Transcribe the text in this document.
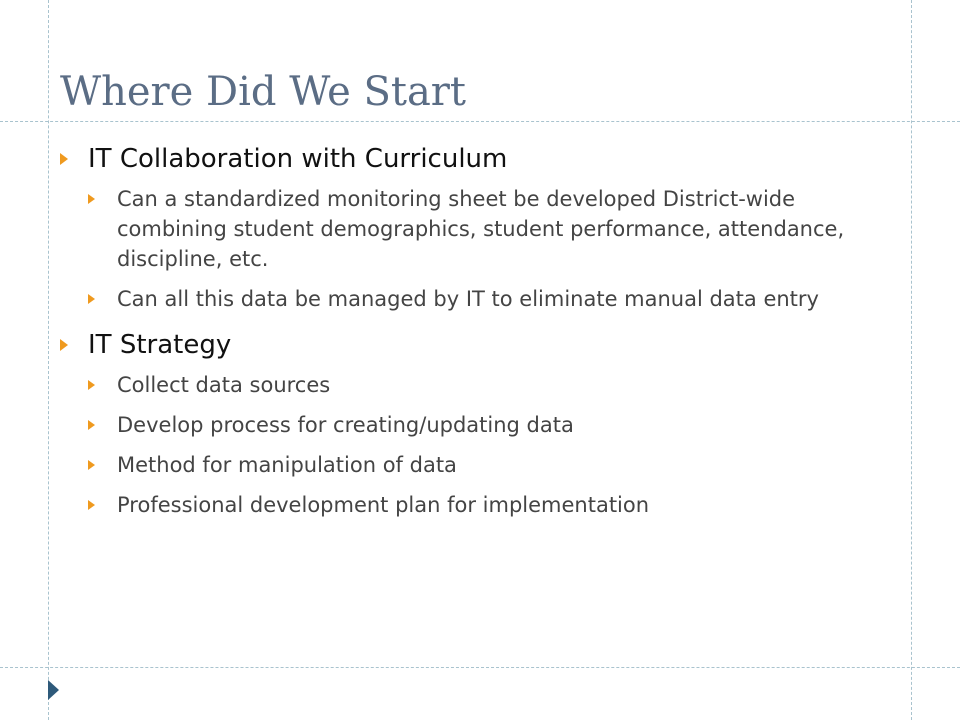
Where Did We Start
IT Collaboration with Curriculum
Can a standardized monitoring sheet be developed District-wide combining student demographics, student performance, attendance, discipline, etc.
Can all this data be managed by IT to eliminate manual data entry
IT Strategy
Collect data sources
Develop process for creating/updating data
Method for manipulation of data
Professional development plan for implementation
